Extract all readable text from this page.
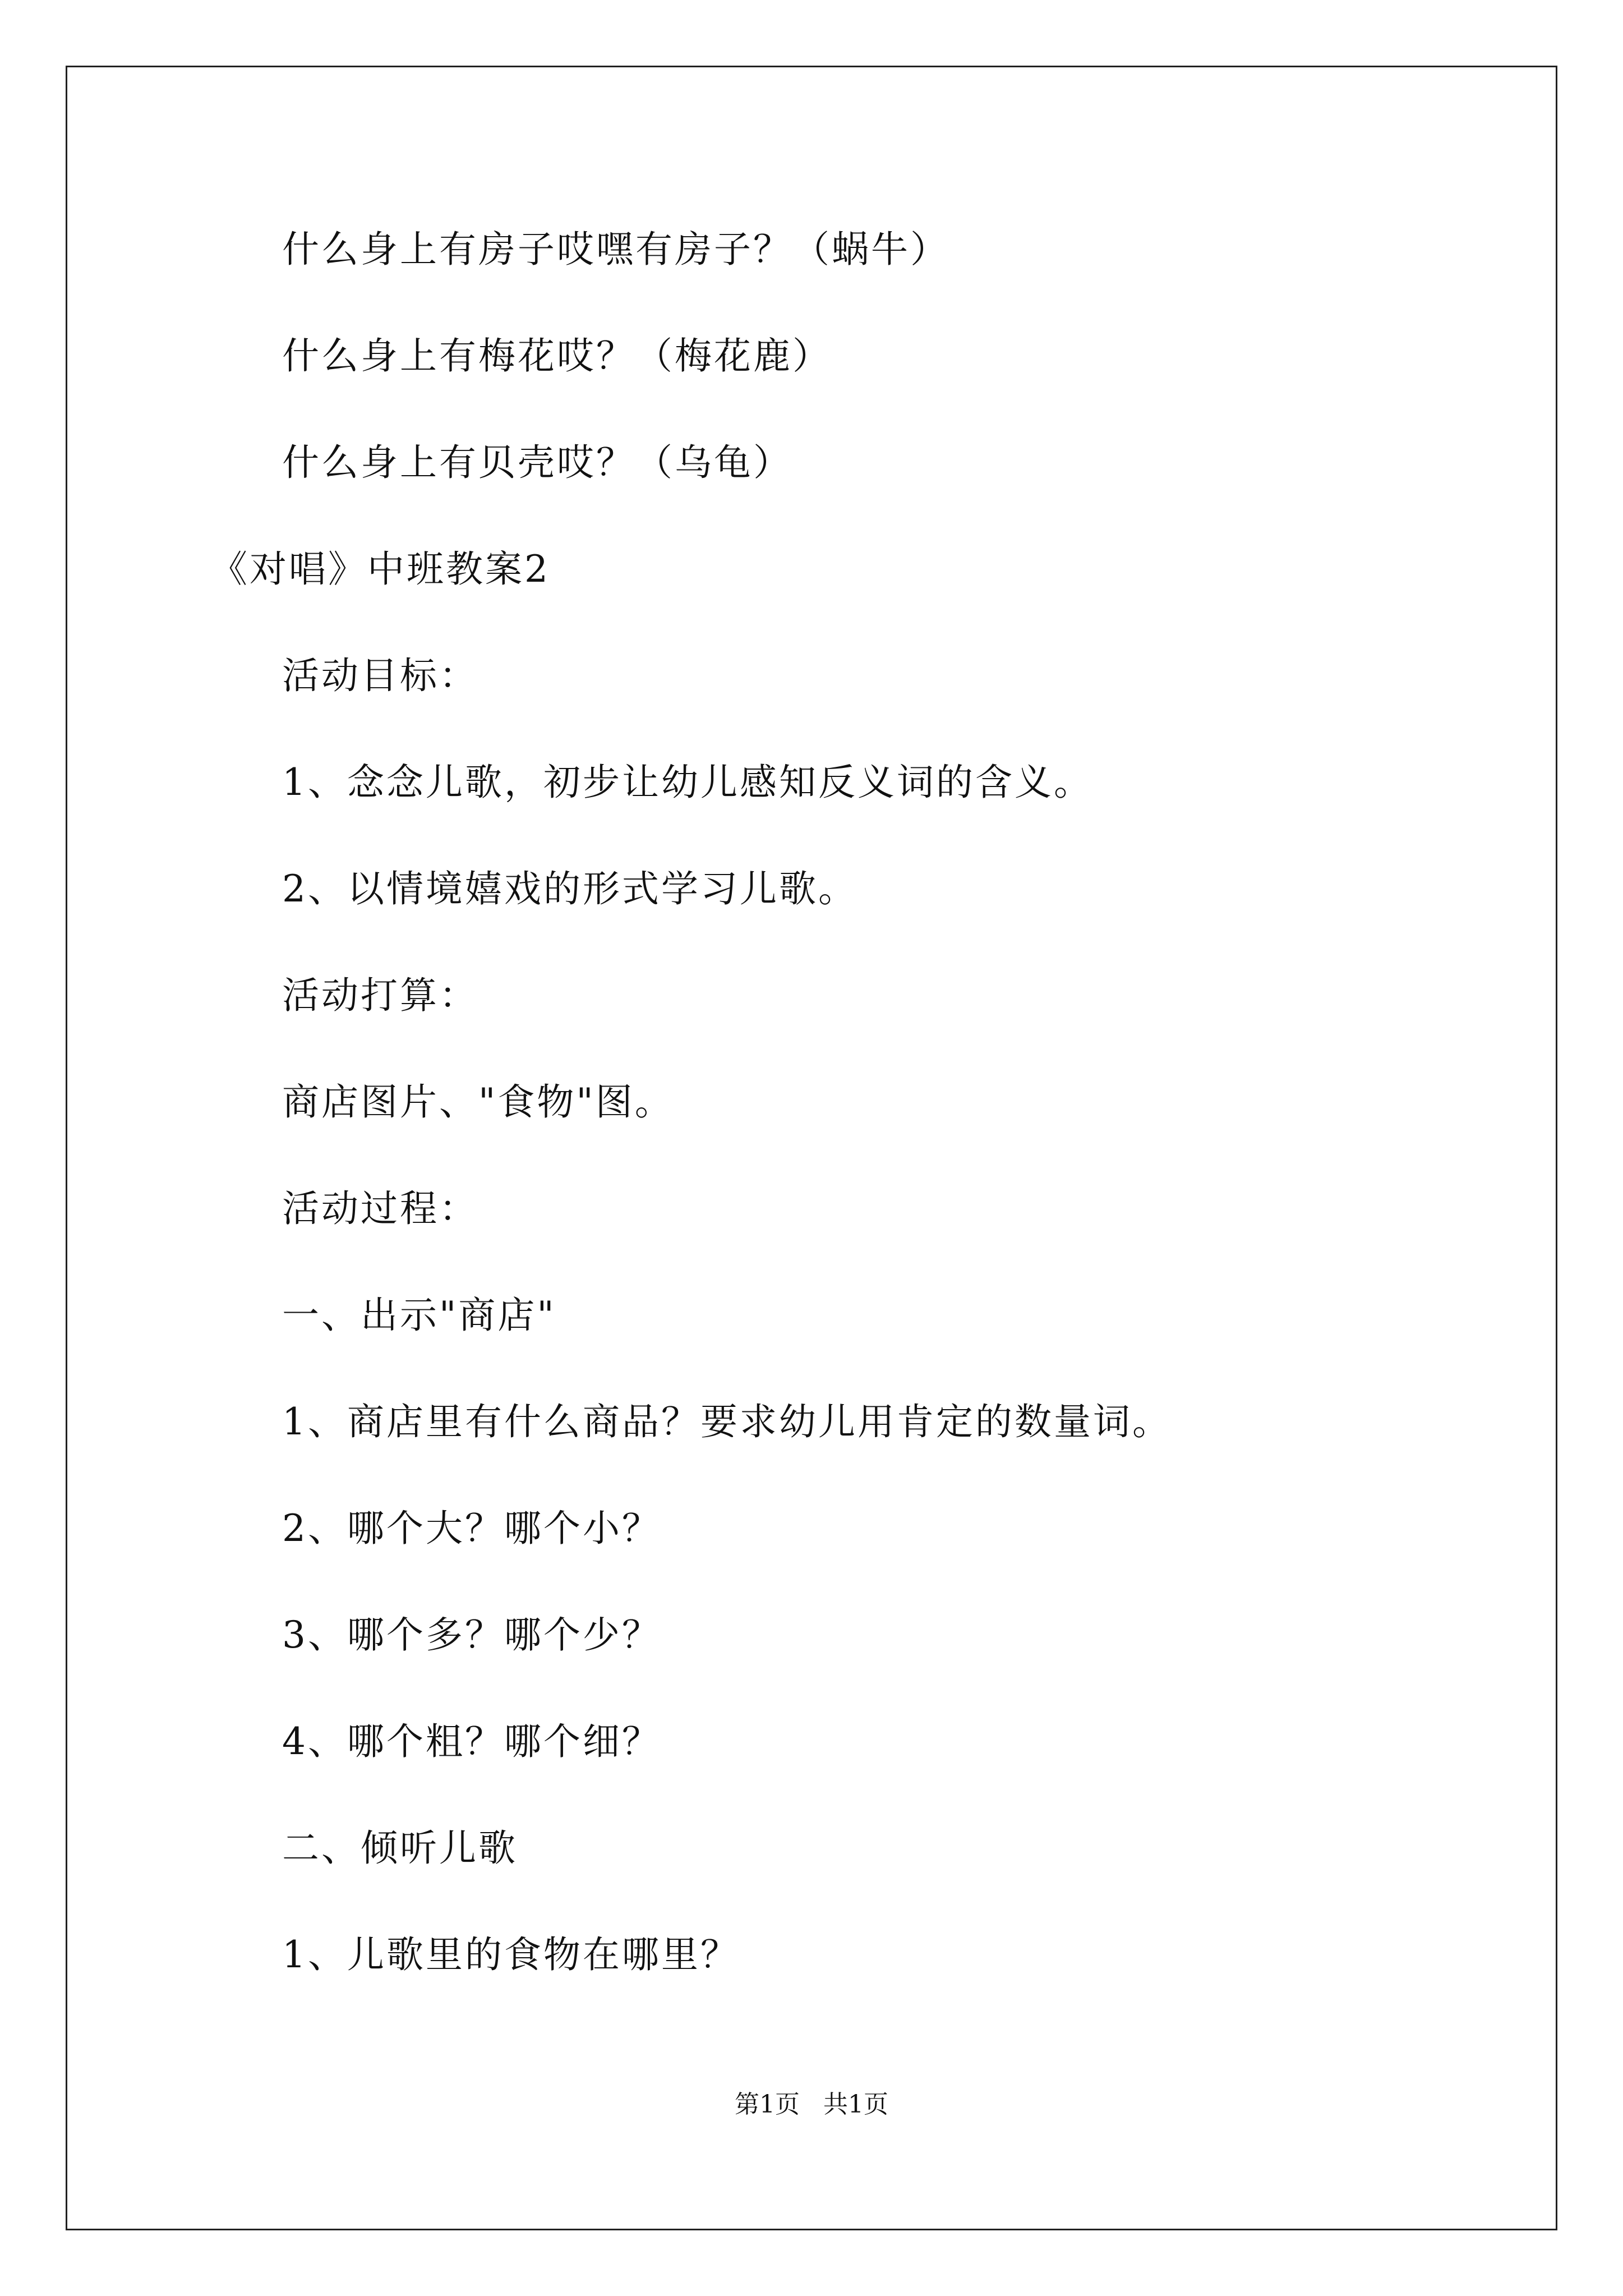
什么身上有房子哎嘿有房子？（蜗牛）
什么身上有梅花哎？（梅花鹿）
什么身上有贝壳哎？（乌龟）
《对唱》中班教案2
活动目标：
1、念念儿歌，初步让幼儿感知反义词的含义。
2、以情境嬉戏的形式学习儿歌。
活动打算：
商店图片、"食物"图。
活动过程：
一、出示"商店"
1、商店里有什么商品？要求幼儿用肯定的数量词。
2、哪个大？哪个小？
3、哪个多？哪个少？
4、哪个粗？哪个细？
二、倾听儿歌
1、儿歌里的食物在哪里？
第1页   共1页
